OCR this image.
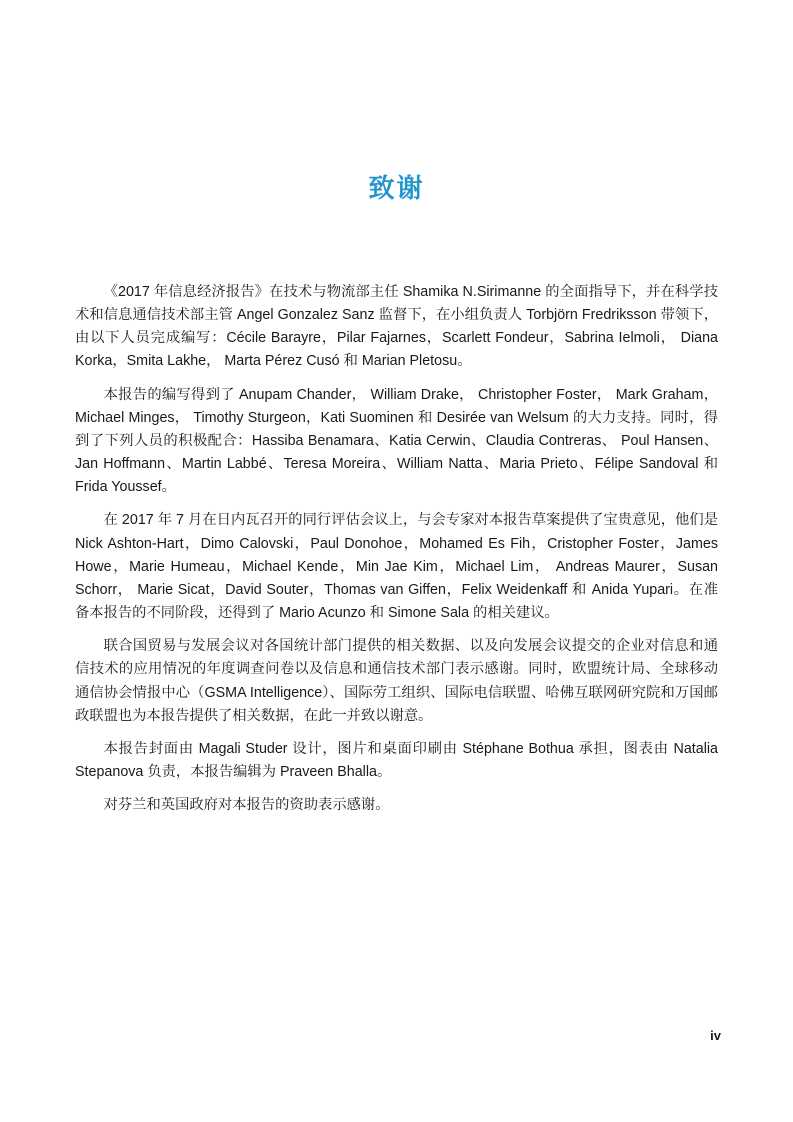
致谢

《2017 年信息经济报告》在技术与物流部主任 Shamika N.Sirimanne 的全面指导下，并在科学技术和信息通信技术部主管 Angel Gonzalez Sanz 监督下，在小组负责人 Torbjörn Fredriksson 带领下，由以下人员完成编写：Cécile Barayre，Pilar Fajarnes，Scarlett Fondeur，Sabrina Ielmoli， Diana Korka，Smita Lakhe， Marta Pérez Cusó 和 Marian Pletosu。

本报告的编写得到了 Anupam Chander， William Drake， Christopher Foster， Mark Graham， Michael Minges， Timothy Sturgeon，Kati Suominen 和 Desirée van Welsum 的大力支持。同时，得到了下列人员的积极配合：Hassiba Benamara、Katia Cerwin、Claudia Contreras、 Poul Hansen、Jan Hoffmann、Martin Labbé、Teresa Moreira、William Natta、Maria Prieto、Félipe Sandoval 和 Frida Youssef。

在 2017 年 7 月在日内瓦召开的同行评估会议上，与会专家对本报告草案提供了宝贵意见，他们是 Nick Ashton-Hart，Dimo Calovski，Paul Donohoe，Mohamed Es Fih，Cristopher Foster，James Howe，Marie Humeau，Michael Kende，Min Jae Kim，Michael Lim， Andreas Maurer，Susan Schorr， Marie Sicat，David Souter，Thomas van Giffen，Felix Weidenkaff 和 Anida Yupari。在准备本报告的不同阶段，还得到了 Mario Acunzo 和 Simone Sala 的相关建议。

联合国贸易与发展会议对各国统计部门提供的相关数据、以及向发展会议提交的企业对信息和通信技术的应用情况的年度调查问卷以及信息和通信技术部门表示感谢。同时，欧盟统计局、全球移动通信协会情报中心（GSMA Intelligence）、国际劳工组织、国际电信联盟、哈佛互联网研究院和万国邮政联盟也为本报告提供了相关数据，在此一并致以谢意。

本报告封面由 Magali Studer 设计，图片和桌面印刷由 Stéphane Bothua 承担，图表由 Natalia Stepanova 负责，本报告编辑为 Praveen Bhalla。

对芬兰和英国政府对本报告的资助表示感谢。

iv
